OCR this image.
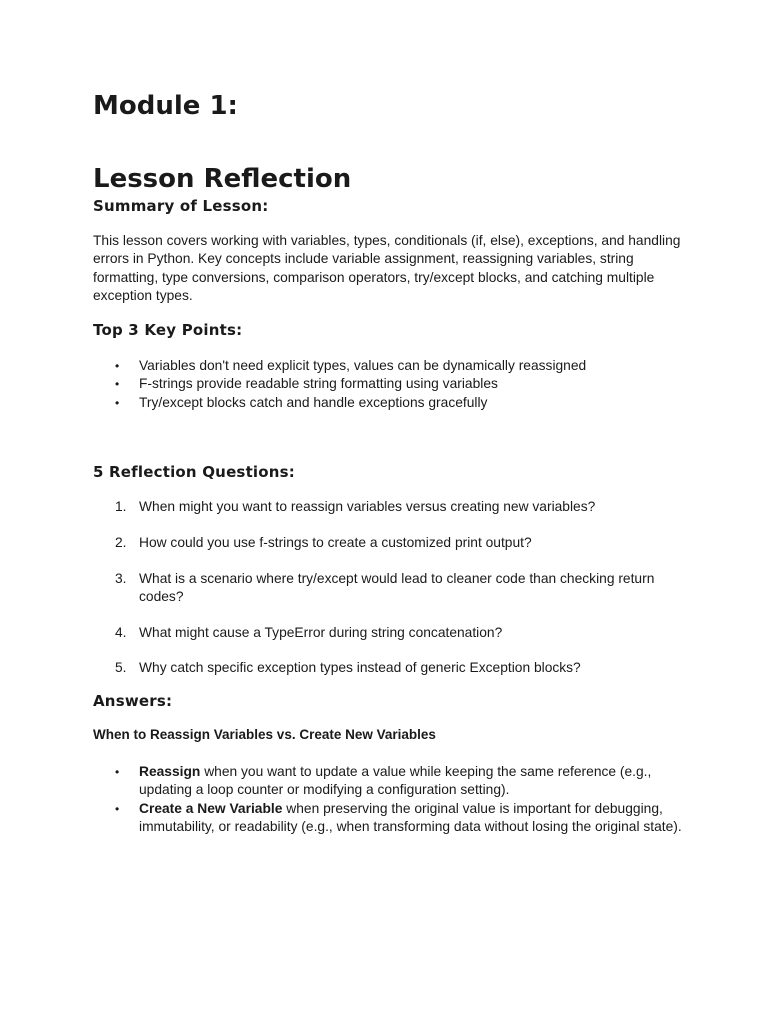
Module 1:
Lesson Reflection
Summary of Lesson:

This lesson covers working with variables, types, conditionals (if, else), exceptions, and handling errors in Python. Key concepts include variable assignment, reassigning variables, string formatting, type conversions, comparison operators, try/except blocks, and catching multiple exception types.

Top 3 Key Points:
• Variables don't need explicit types, values can be dynamically reassigned
• F-strings provide readable string formatting using variables
• Try/except blocks catch and handle exceptions gracefully
5 Reflection Questions:
1. When might you want to reassign variables versus creating new variables?
2. How could you use f-strings to create a customized print output?
3. What is a scenario where try/except would lead to cleaner code than checking return codes?
4. What might cause a TypeError during string concatenation?
5. Why catch specific exception types instead of generic Exception blocks?
Answers:
When to Reassign Variables vs. Create New Variables
• Reassign when you want to update a value while keeping the same reference (e.g., updating a loop counter or modifying a configuration setting).
• Create a New Variable when preserving the original value is important for debugging, immutability, or readability (e.g., when transforming data without losing the original state).
